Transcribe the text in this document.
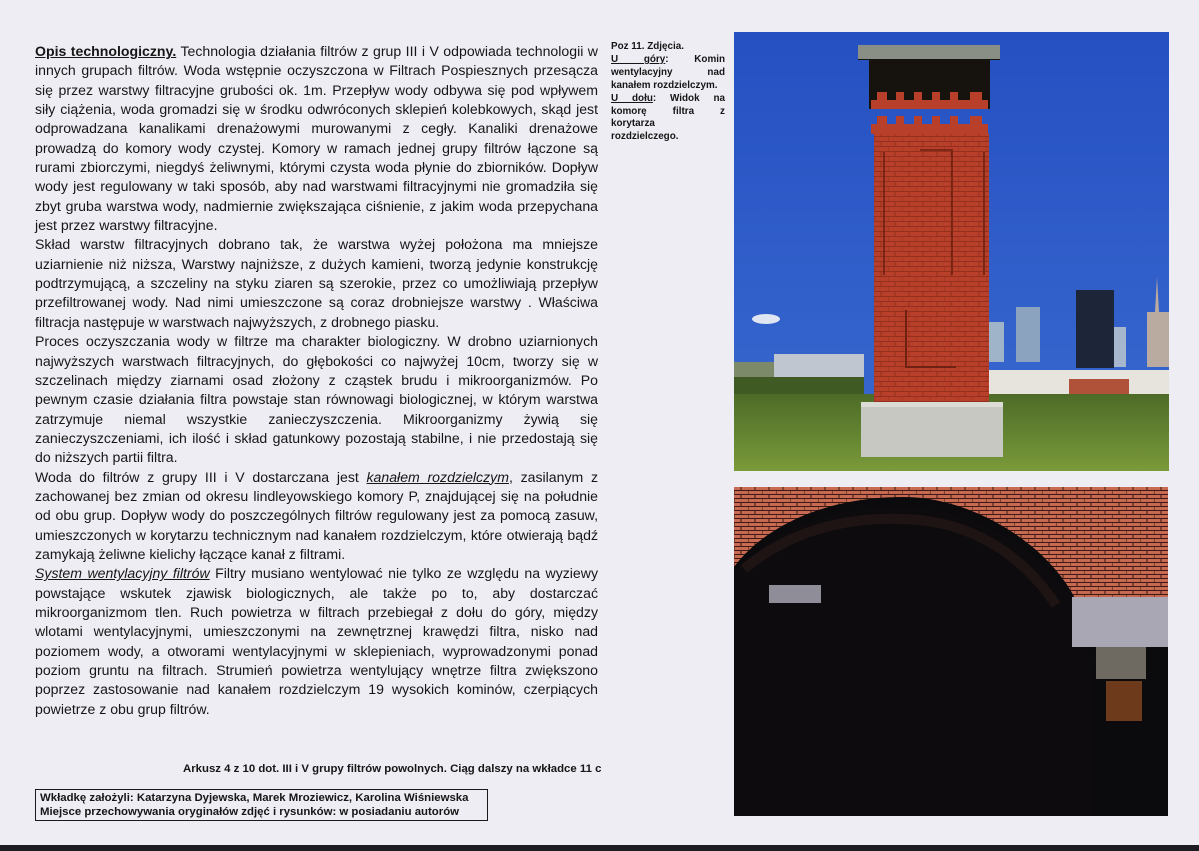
Opis technologiczny. Technologia działania filtrów z grup III i V odpowiada technologii w innych grupach filtrów. Woda wstępnie oczyszczona w Filtrach Pospiesznych przesącza się przez warstwy filtracyjne grubości ok. 1m. Przepływ wody odbywa się pod wpływem siły ciążenia, woda gromadzi się w środku odwróconych sklepień kolebkowych, skąd jest odprowadzana kanalikami drenażowymi murowanymi z cegły. Kanaliki drenażowe prowadzą do komory wody czystej. Komory w ramach jednej grupy filtrów łączone są rurami zbiorczymi, niegdyś żeliwnymi, którymi czysta woda płynie do zbiorników. Dopływ wody jest regulowany w taki sposób, aby nad warstwami filtracyjnymi nie gromadziła się zbyt gruba warstwa wody, nadmiernie zwiększająca ciśnienie, z jakim woda przepychana jest przez warstwy filtracyjne.

Skład warstw filtracyjnych dobrano tak, że warstwa wyżej położona ma mniejsze uziarnienie niż niższa, Warstwy najniższe, z dużych kamieni, tworzą jedynie konstrukcję podtrzymującą, a szczeliny na styku ziaren są szerokie, przez co umożliwiają przepływ przefiltrowanej wody. Nad nimi umieszczone są coraz drobniejsze warstwy . Właściwa filtracja następuje w warstwach najwyższych, z drobnego piasku.

Proces oczyszczania wody w filtrze ma charakter biologiczny. W drobno uziarnionych najwyższych warstwach filtracyjnych, do głębokości co najwyżej 10cm, tworzy się w szczelinach między ziarnami osad złożony z cząstek brudu i mikroorganizmów. Po pewnym czasie działania filtra powstaje stan równowagi biologicznej, w którym warstwa zatrzymuje niemal wszystkie zanieczyszczenia. Mikroorganizmy żywią się zanieczyszczeniami, ich ilość i skład gatunkowy pozostają stabilne, i nie przedostają się do niższych partii filtra.

Woda do filtrów z grupy III i V dostarczana jest kanałem rozdzielczym, zasilanym z zachowanej bez zmian od okresu lindleyowskiego komory P, znajdującej się na południe od obu grup. Dopływ wody do poszczególnych filtrów regulowany jest za pomocą zasuw, umieszczonych w korytarzu technicznym nad kanałem rozdzielczym, które otwierają bądź zamykają żeliwne kielichy łączące kanał z filtrami.

System wentylacyjny filtrów Filtry musiano wentylować nie tylko ze względu na wyziewy powstające wskutek zjawisk biologicznych, ale także po to, aby dostarczać mikroorganizmom tlen. Ruch powietrza w filtrach przebiegał z dołu do góry, między wlotami wentylacyjnymi, umieszczonymi na zewnętrznej krawędzi filtra, nisko nad poziomem wody, a otworami wentylacyjnymi w sklepieniach, wyprowadzonymi ponad poziom gruntu na filtrach. Strumień powietrza wentylujący wnętrze filtra zwiększono poprzez zastosowanie nad kanałem rozdzielczym 19 wysokich kominów, czerpiących powietrze z obu grup filtrów.

Arkusz 4 z 10 dot. III i V grupy filtrów powolnych. Ciąg dalszy na wkładce 11 c
Wkładkę założyli: Katarzyna Dyjewska, Marek Mroziewicz, Karolina Wiśniewska
Miejsce przechowywania oryginałów zdjęć i rysunków: w posiadaniu autorów

Poz 11. Zdjęcia.

U góry: Komin wentylacyjny nad kanałem rozdzielczym.

U dołu: Widok na komorę filtra z korytarza rozdzielczego.
